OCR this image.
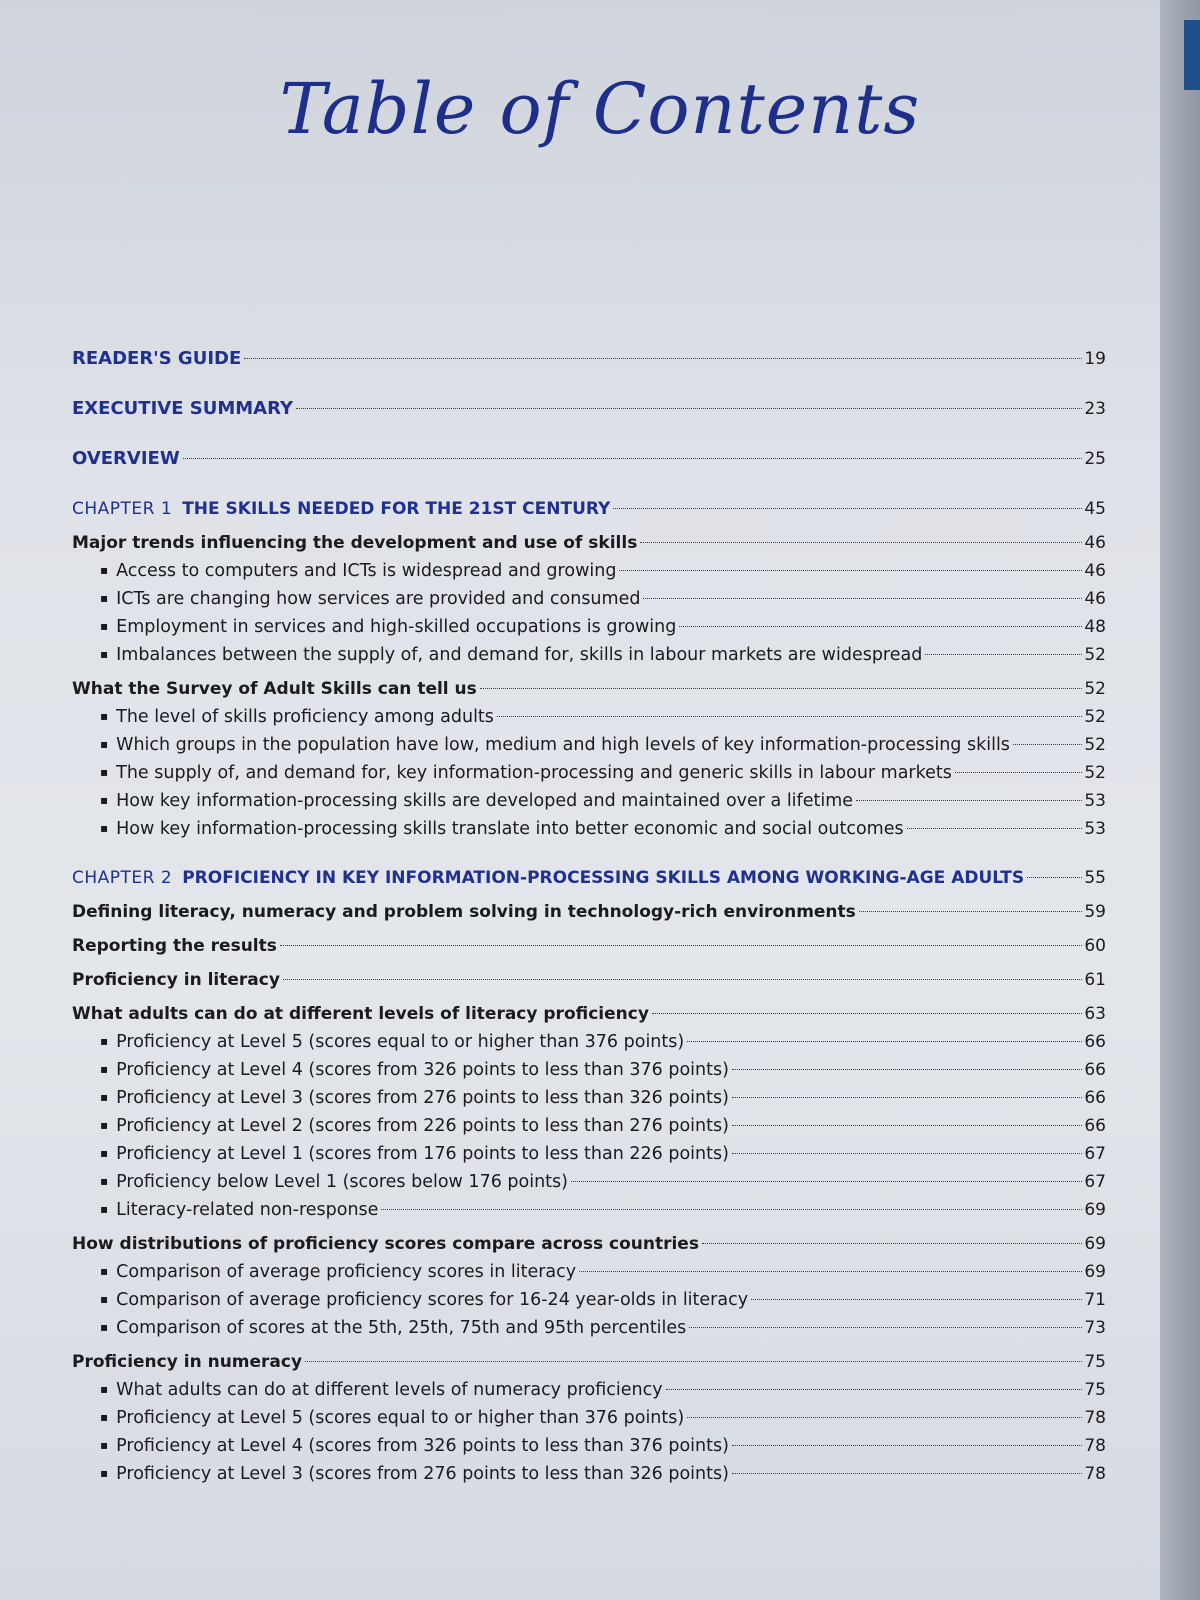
Table of Contents
READER'S GUIDE	19
EXECUTIVE SUMMARY	23
OVERVIEW	25
CHAPTER 1 THE SKILLS NEEDED FOR THE 21ST CENTURY	45
Major trends influencing the development and use of skills	46
▪ Access to computers and ICTs is widespread and growing	46
▪ ICTs are changing how services are provided and consumed	46
▪ Employment in services and high-skilled occupations is growing	48
▪ Imbalances between the supply of, and demand for, skills in labour markets are widespread	52
What the Survey of Adult Skills can tell us	52
▪ The level of skills proficiency among adults	52
▪ Which groups in the population have low, medium and high levels of key information-processing skills	52
▪ The supply of, and demand for, key information-processing and generic skills in labour markets	52
▪ How key information-processing skills are developed and maintained over a lifetime	53
▪ How key information-processing skills translate into better economic and social outcomes	53
CHAPTER 2 PROFICIENCY IN KEY INFORMATION-PROCESSING SKILLS AMONG WORKING-AGE ADULTS	55
Defining literacy, numeracy and problem solving in technology-rich environments	59
Reporting the results	60
Proficiency in literacy	61
What adults can do at different levels of literacy proficiency	63
▪ Proficiency at Level 5 (scores equal to or higher than 376 points)	66
▪ Proficiency at Level 4 (scores from 326 points to less than 376 points)	66
▪ Proficiency at Level 3 (scores from 276 points to less than 326 points)	66
▪ Proficiency at Level 2 (scores from 226 points to less than 276 points)	66
▪ Proficiency at Level 1 (scores from 176 points to less than 226 points)	67
▪ Proficiency below Level 1 (scores below 176 points)	67
▪ Literacy-related non-response	69
How distributions of proficiency scores compare across countries	69
▪ Comparison of average proficiency scores in literacy	69
▪ Comparison of average proficiency scores for 16-24 year-olds in literacy	71
▪ Comparison of scores at the 5th, 25th, 75th and 95th percentiles	73
Proficiency in numeracy	75
▪ What adults can do at different levels of numeracy proficiency	75
▪ Proficiency at Level 5 (scores equal to or higher than 376 points)	78
▪ Proficiency at Level 4 (scores from 326 points to less than 376 points)	78
▪ Proficiency at Level 3 (scores from 276 points to less than 326 points)	78
